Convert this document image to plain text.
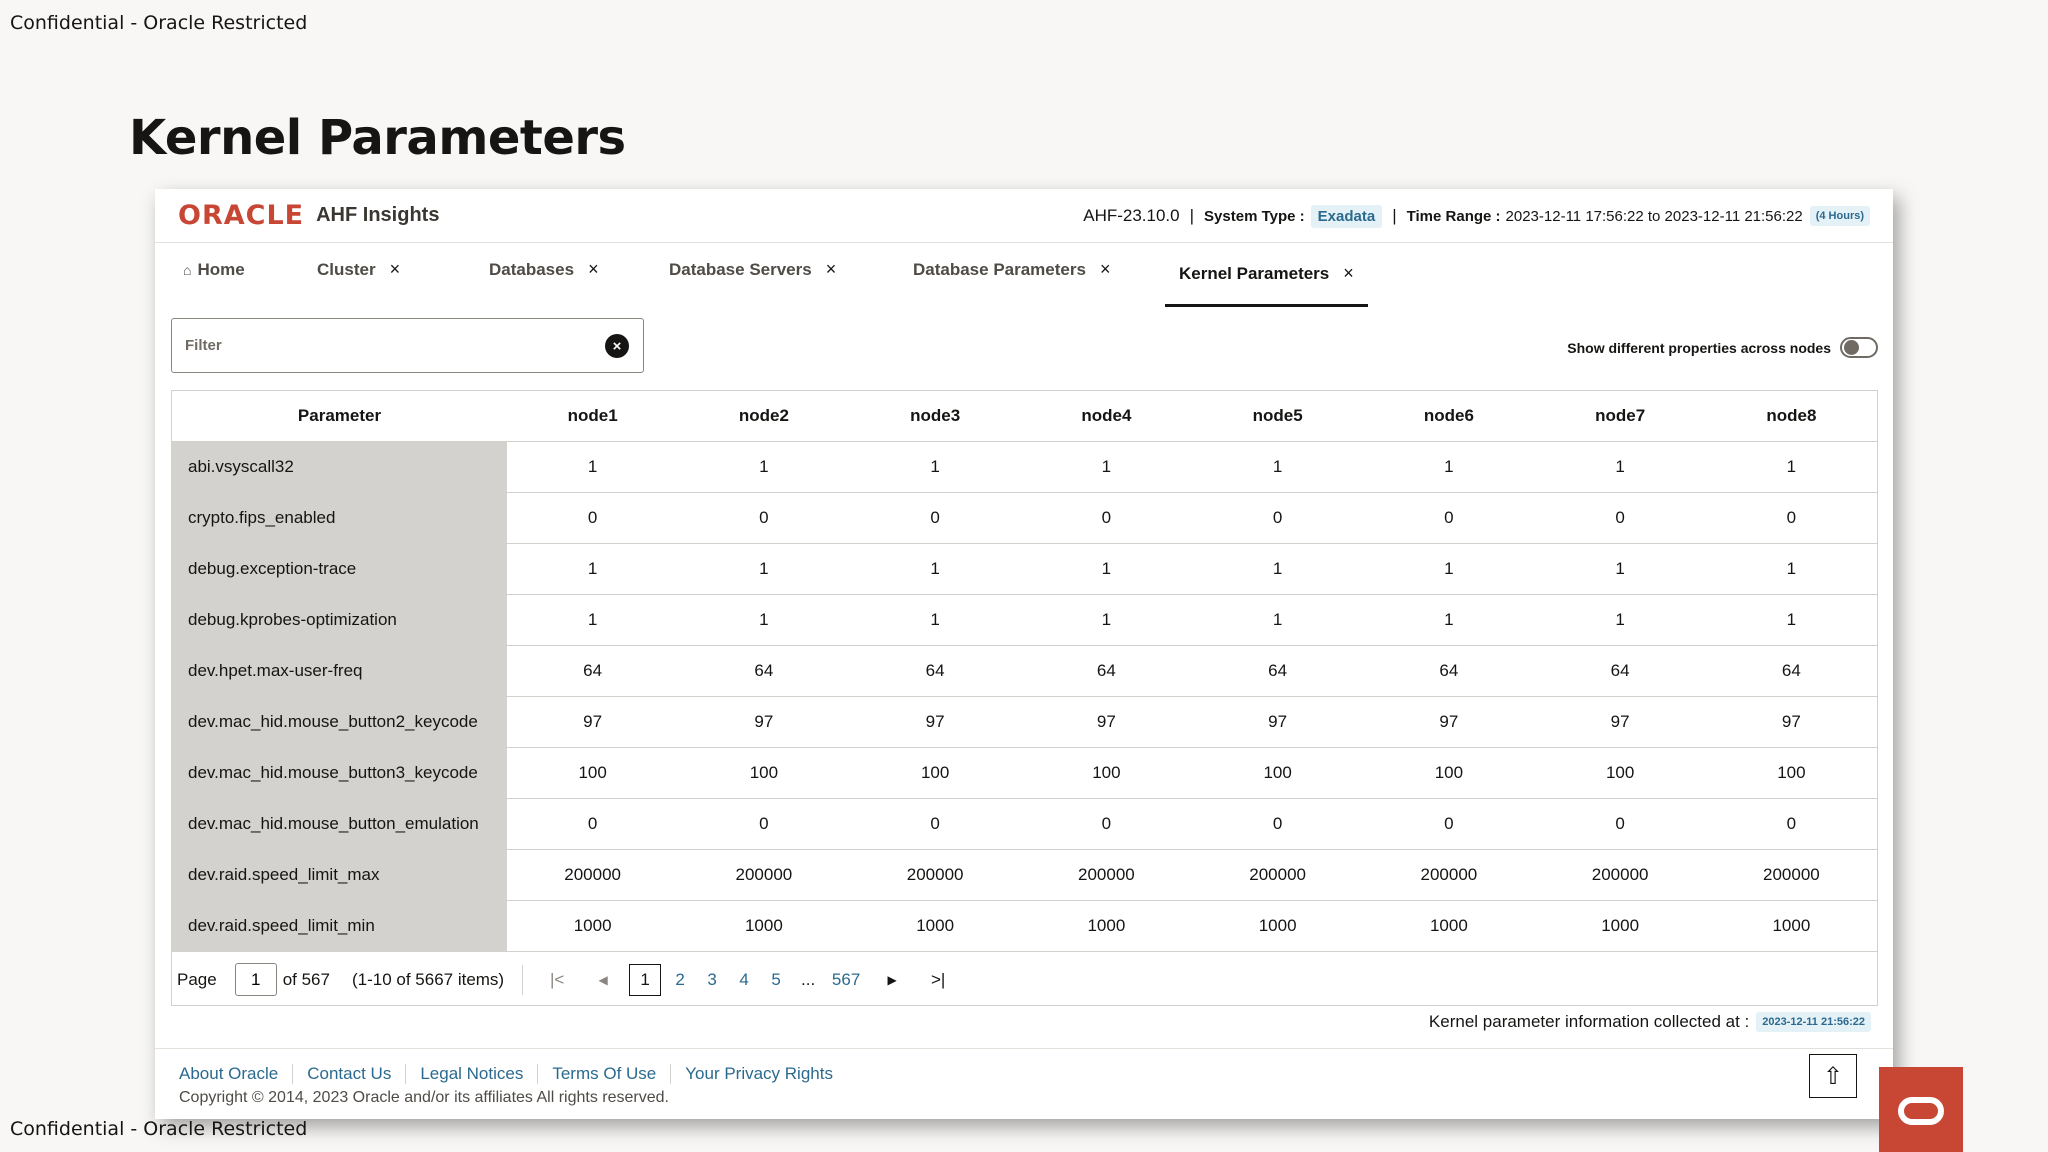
Confidential - Oracle Restricted
Kernel Parameters
ORACLE AHF Insights	AHF-23.10.0 | System Type : Exadata	| Time Range : 2023-12-11 17:56:22 to 2023-12-11 21:56:22	(4 Hours)
⌂ Home	Cluster ×	Databases ×	Database Servers ×	Database Parameters ×	Kernel Parameters ×
Filter
×	Show different properties across nodes
Parameter	node1	node2	node3	node4	node5	node6	node7	node8
abi.vsyscall32	1	1	1	1	1	1	1	1
crypto.fips_enabled	0	0	0	0	0	0	0	0
debug.exception-trace	1	1	1	1	1	1	1	1
debug.kprobes-optimization	1	1	1	1	1	1	1	1
dev.hpet.max-user-freq	64	64	64	64	64	64	64	64
dev.mac_hid.mouse_button2_keycode	97	97	97	97	97	97	97	97
dev.mac_hid.mouse_button3_keycode	100	100	100	100	100	100	100	100
dev.mac_hid.mouse_button_emulation	0	0	0	0	0	0	0	0
dev.raid.speed_limit_max	200000	200000	200000	200000	200000	200000	200000	200000
dev.raid.speed_limit_min	1000	1000	1000	1000	1000	1000	1000	1000
Page
1	of 567 (1-10 of 5667 items)	|<	◀	1	2	3	4	5	... 567	▶	>|
Kernel parameter information collected at :	2023-12-11 21:56:22
About Oracle	Contact Us	Legal Notices	Terms Of Use	Your Privacy Rights
Copyright © 2014, 2023 Oracle and/or its affiliates All rights reserved.
⇧
Confidential - Oracle Restricted
